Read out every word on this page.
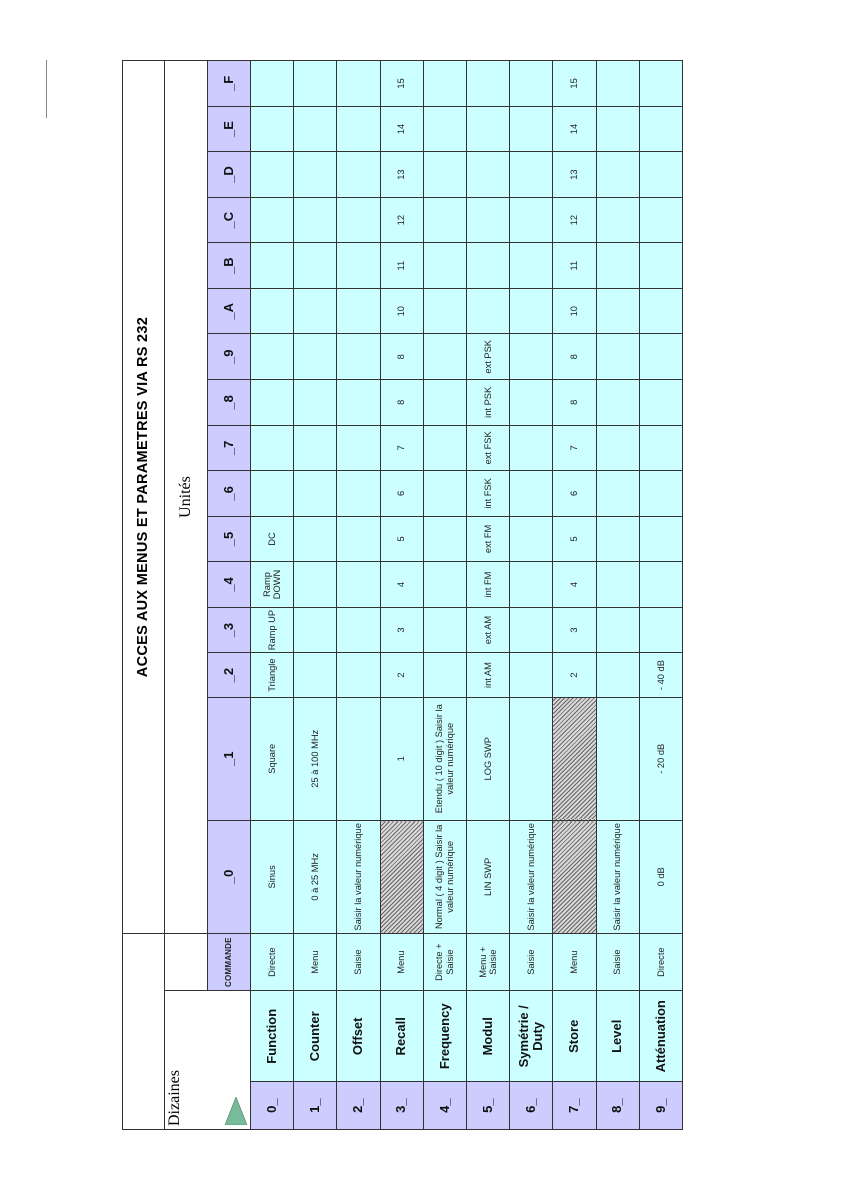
			ACCES AUX MENUS ET PARAMETRES VIA RS 232															

Dizaines			Unités															
		COMMANDE	_0	_1	_2	_3	_4	_5	_6	_7	_8	_9	_A	_B	_C	_D	_E	_F
0_	Function	Directe	Sinus	Square	Triangle	Ramp UP	Ramp DOWN	DC										
1_	Counter	Menu	0 à 25 MHz	25 à 100 MHz														
2_	Offset	Saisie	Saisir la valeur numérique															
3_	Recall	Menu		1	2	3	4	5	6	7	8	8	10	11	12	13	14	15
4_	Frequency	Directe + Saisie	Normal ( 4 digit ) Saisir la valeur numérique	Etendu ( 10 digit ) Saisir la valeur numérique														
5_	Modul	Menu + Saisie	LIN SWP	LOG SWP	int AM	ext AM	int FM	ext FM	int FSK	ext FSK	int PSK	ext PSK						
6_	Symétrie / Duty	Saisie	Saisir la valeur numérique															
7_	Store	Menu			2	3	4	5	6	7	8	8	10	11	12	13	14	15
8_	Level	Saisie	Saisir la valeur numérique															
9_	Atténuation	Directe	0 dB	- 20 dB	- 40 dB													
